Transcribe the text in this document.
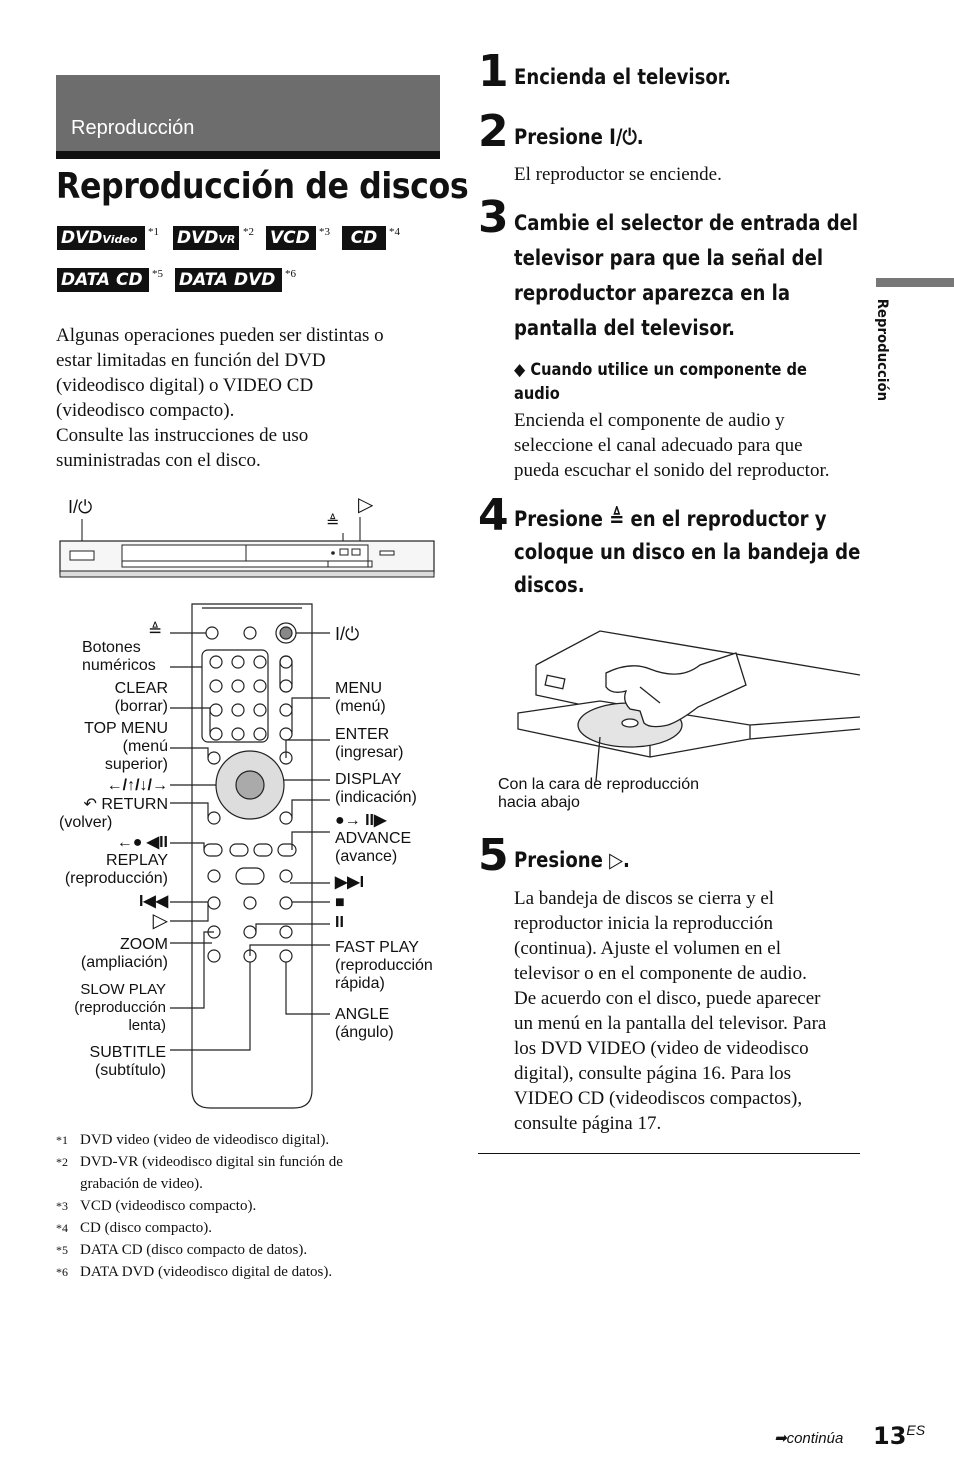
Reproducción
Reproducción de discos
DVDVideo
*1 DVDVR
*2 VCD *3	CD	*4
DATA CD *5 DATA DVD *6
Algunas operaciones pueden ser distintas o
estar limitadas en función del DVD
(videodisco digital) o VIDEO CD
(videodisco compacto).
Consulte las instrucciones de uso
suministradas con el disco.
I/⏻
≜
▷
≜
Botones
numéricos
CLEAR
(borrar)
TOP MENU
(menú
superior)
←/↑/↓/→
↶ RETURN
(volver)
←● ◀II
REPLAY
(reproducción)
I◀◀
▷
ZOOM
(ampliación)
SLOW PLAY
(reproducción
lenta)
SUBTITLE
(subtítulo)
I/⏻
MENU
(menú)
ENTER
(ingresar)
DISPLAY
(indicación)
●→ II▶
ADVANCE
(avance)
▶▶I
■
II
FAST PLAY
(reproducción
rápida)
ANGLE
(ángulo)
*1 DVD video (video de videodisco digital).
*2 DVD-VR (videodisco digital sin función de
grabación de video).
*3 VCD (videodisco compacto).
*4 CD (disco compacto).
*5 DATA CD (disco compacto de datos).
*6 DATA DVD (videodisco digital de datos).
1 Encienda el televisor.
2 Presione I/⏻.
El reproductor se enciende.
3 Cambie el selector de entrada del
televisor para que la señal del
reproductor aparezca en la
pantalla del televisor.
◆ Cuando utilice un componente de
audio
Encienda el componente de audio y
seleccione el canal adecuado para que
pueda escuchar el sonido del reproductor.
4 Presione ≜ en el reproductor y
coloque un disco en la bandeja de
discos.
Con la cara de reproducción
hacia abajo
5 Presione ▷.
La bandeja de discos se cierra y el
reproductor inicia la reproducción
(continua). Ajuste el volumen en el
televisor o en el componente de audio.
De acuerdo con el disco, puede aparecer
un menú en la pantalla del televisor. Para
los DVD VIDEO (video de videodisco
digital), consulte página 16. Para los
VIDEO CD (videodiscos compactos),
consulte página 17.
Reproducción
➡continúa $13^{ES}$
